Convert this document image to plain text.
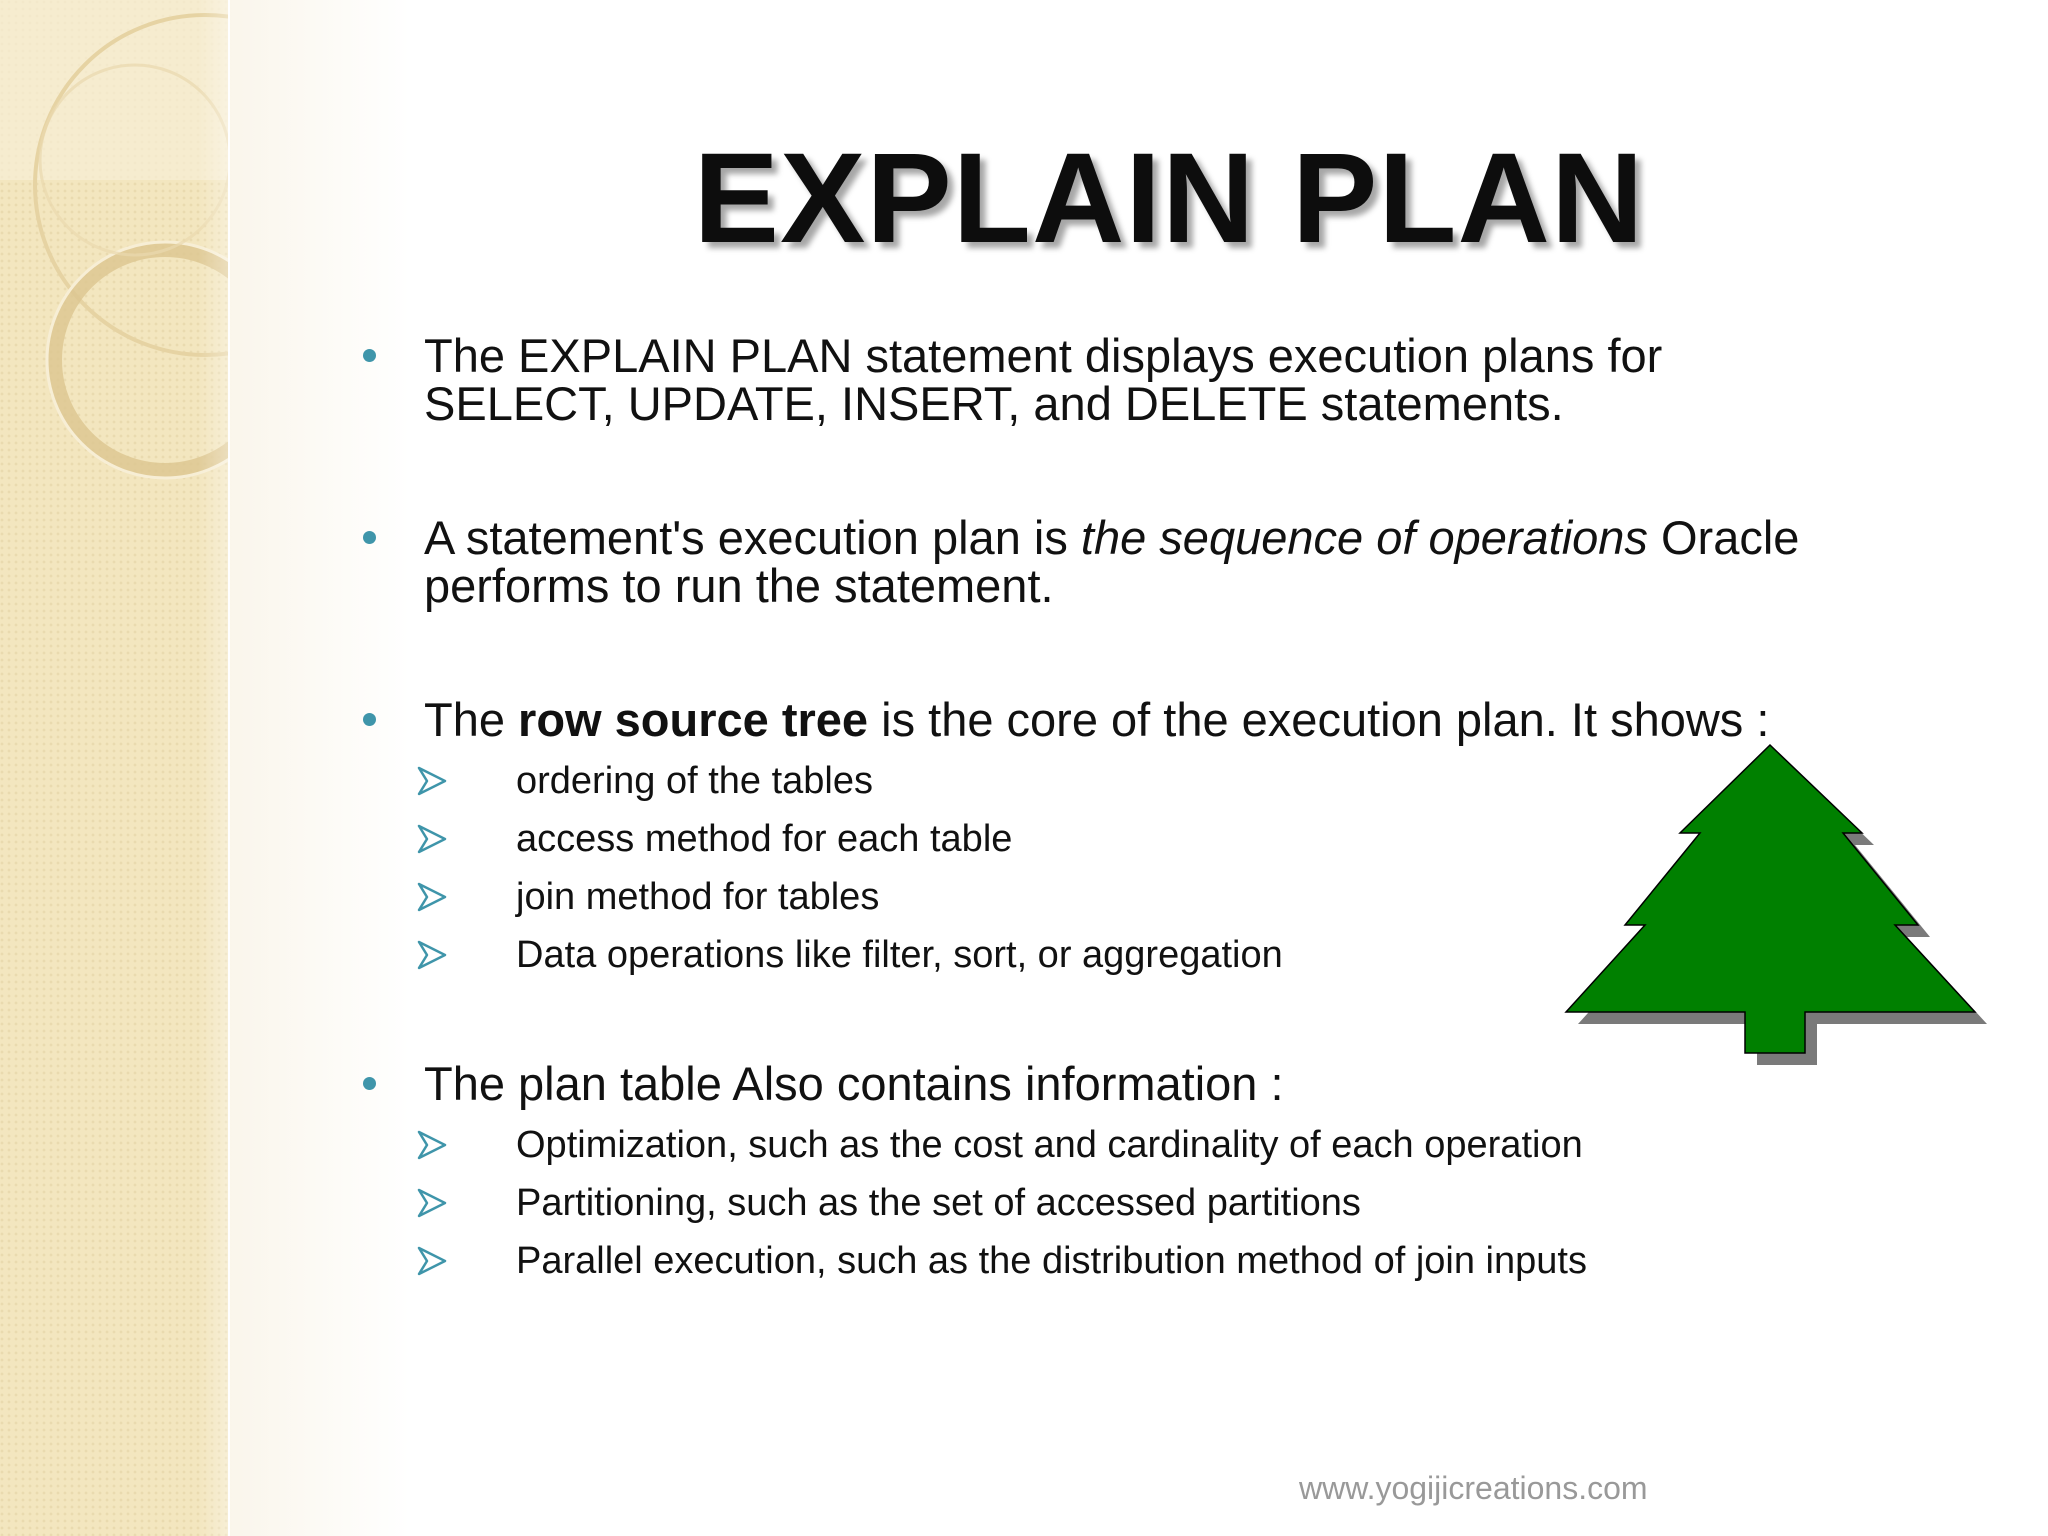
EXPLAIN PLAN
The EXPLAIN PLAN statement displays execution plans for
SELECT, UPDATE, INSERT, and DELETE statements.
A statement's execution plan is the sequence of operations Oracle
performs to run the statement.
The row source tree is the core of the execution plan. It shows :
ordering of the tables
access method for each table
join method for tables
Data operations like filter, sort, or aggregation
The plan table Also contains information :
Optimization, such as the cost and cardinality of each operation
Partitioning, such as the set of accessed partitions
Parallel execution, such as the distribution method of join inputs
www.yogijicreations.com
